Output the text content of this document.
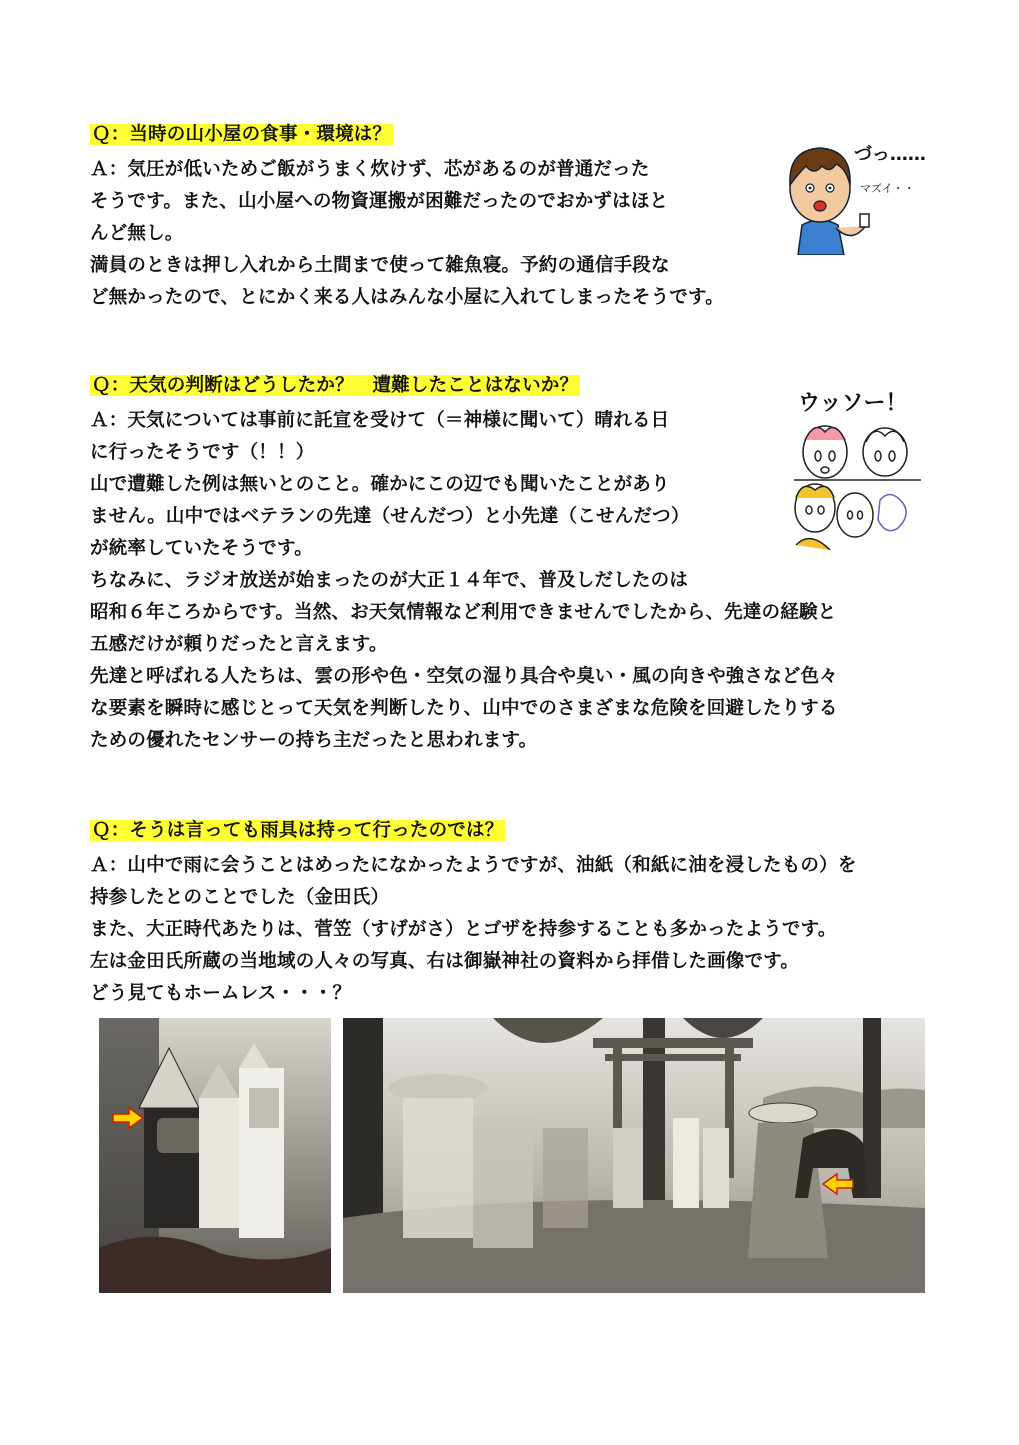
Ｑ：当時の山小屋の食事・環境は？
Ａ：気圧が低いためご飯がうまく炊けず、芯があるのが普通だった
そうです。また、山小屋への物資運搬が困難だったのでおかずはほと
んど無し。
満員のときは押し入れから土間まで使って雑魚寝。予約の通信手段な
ど無かったので、とにかく来る人はみんな小屋に入れてしまったそうです。
づっ……
マズイ・・
Ｑ：天気の判断はどうしたか？　遭難したことはないか？
Ａ：天気については事前に託宣を受けて（＝神様に聞いて）晴れる日
に行ったそうです（！！）
山で遭難した例は無いとのこと。確かにこの辺でも聞いたことがあり
ません。山中ではベテランの先達（せんだつ）と小先達（こせんだつ）
が統率していたそうです。
ちなみに、ラジオ放送が始まったのが大正１４年で、普及しだしたのは
昭和６年ころからです。当然、お天気情報など利用できませんでしたから、先達の経験と
五感だけが頼りだったと言えます。
先達と呼ばれる人たちは、雲の形や色・空気の湿り具合や臭い・風の向きや強さなど色々
な要素を瞬時に感じとって天気を判断したり、山中でのさまざまな危険を回避したりする
ための優れたセンサーの持ち主だったと思われます。
ウッソー！
Ｑ：そうは言っても雨具は持って行ったのでは？
Ａ：山中で雨に会うことはめったになかったようですが、油紙（和紙に油を浸したもの）を
持参したとのことでした（金田氏）
また、大正時代あたりは、菅笠（すげがさ）とゴザを持参することも多かったようです。
左は金田氏所蔵の当地域の人々の写真、右は御嶽神社の資料から拝借した画像です。
どう見てもホームレス・・・？
